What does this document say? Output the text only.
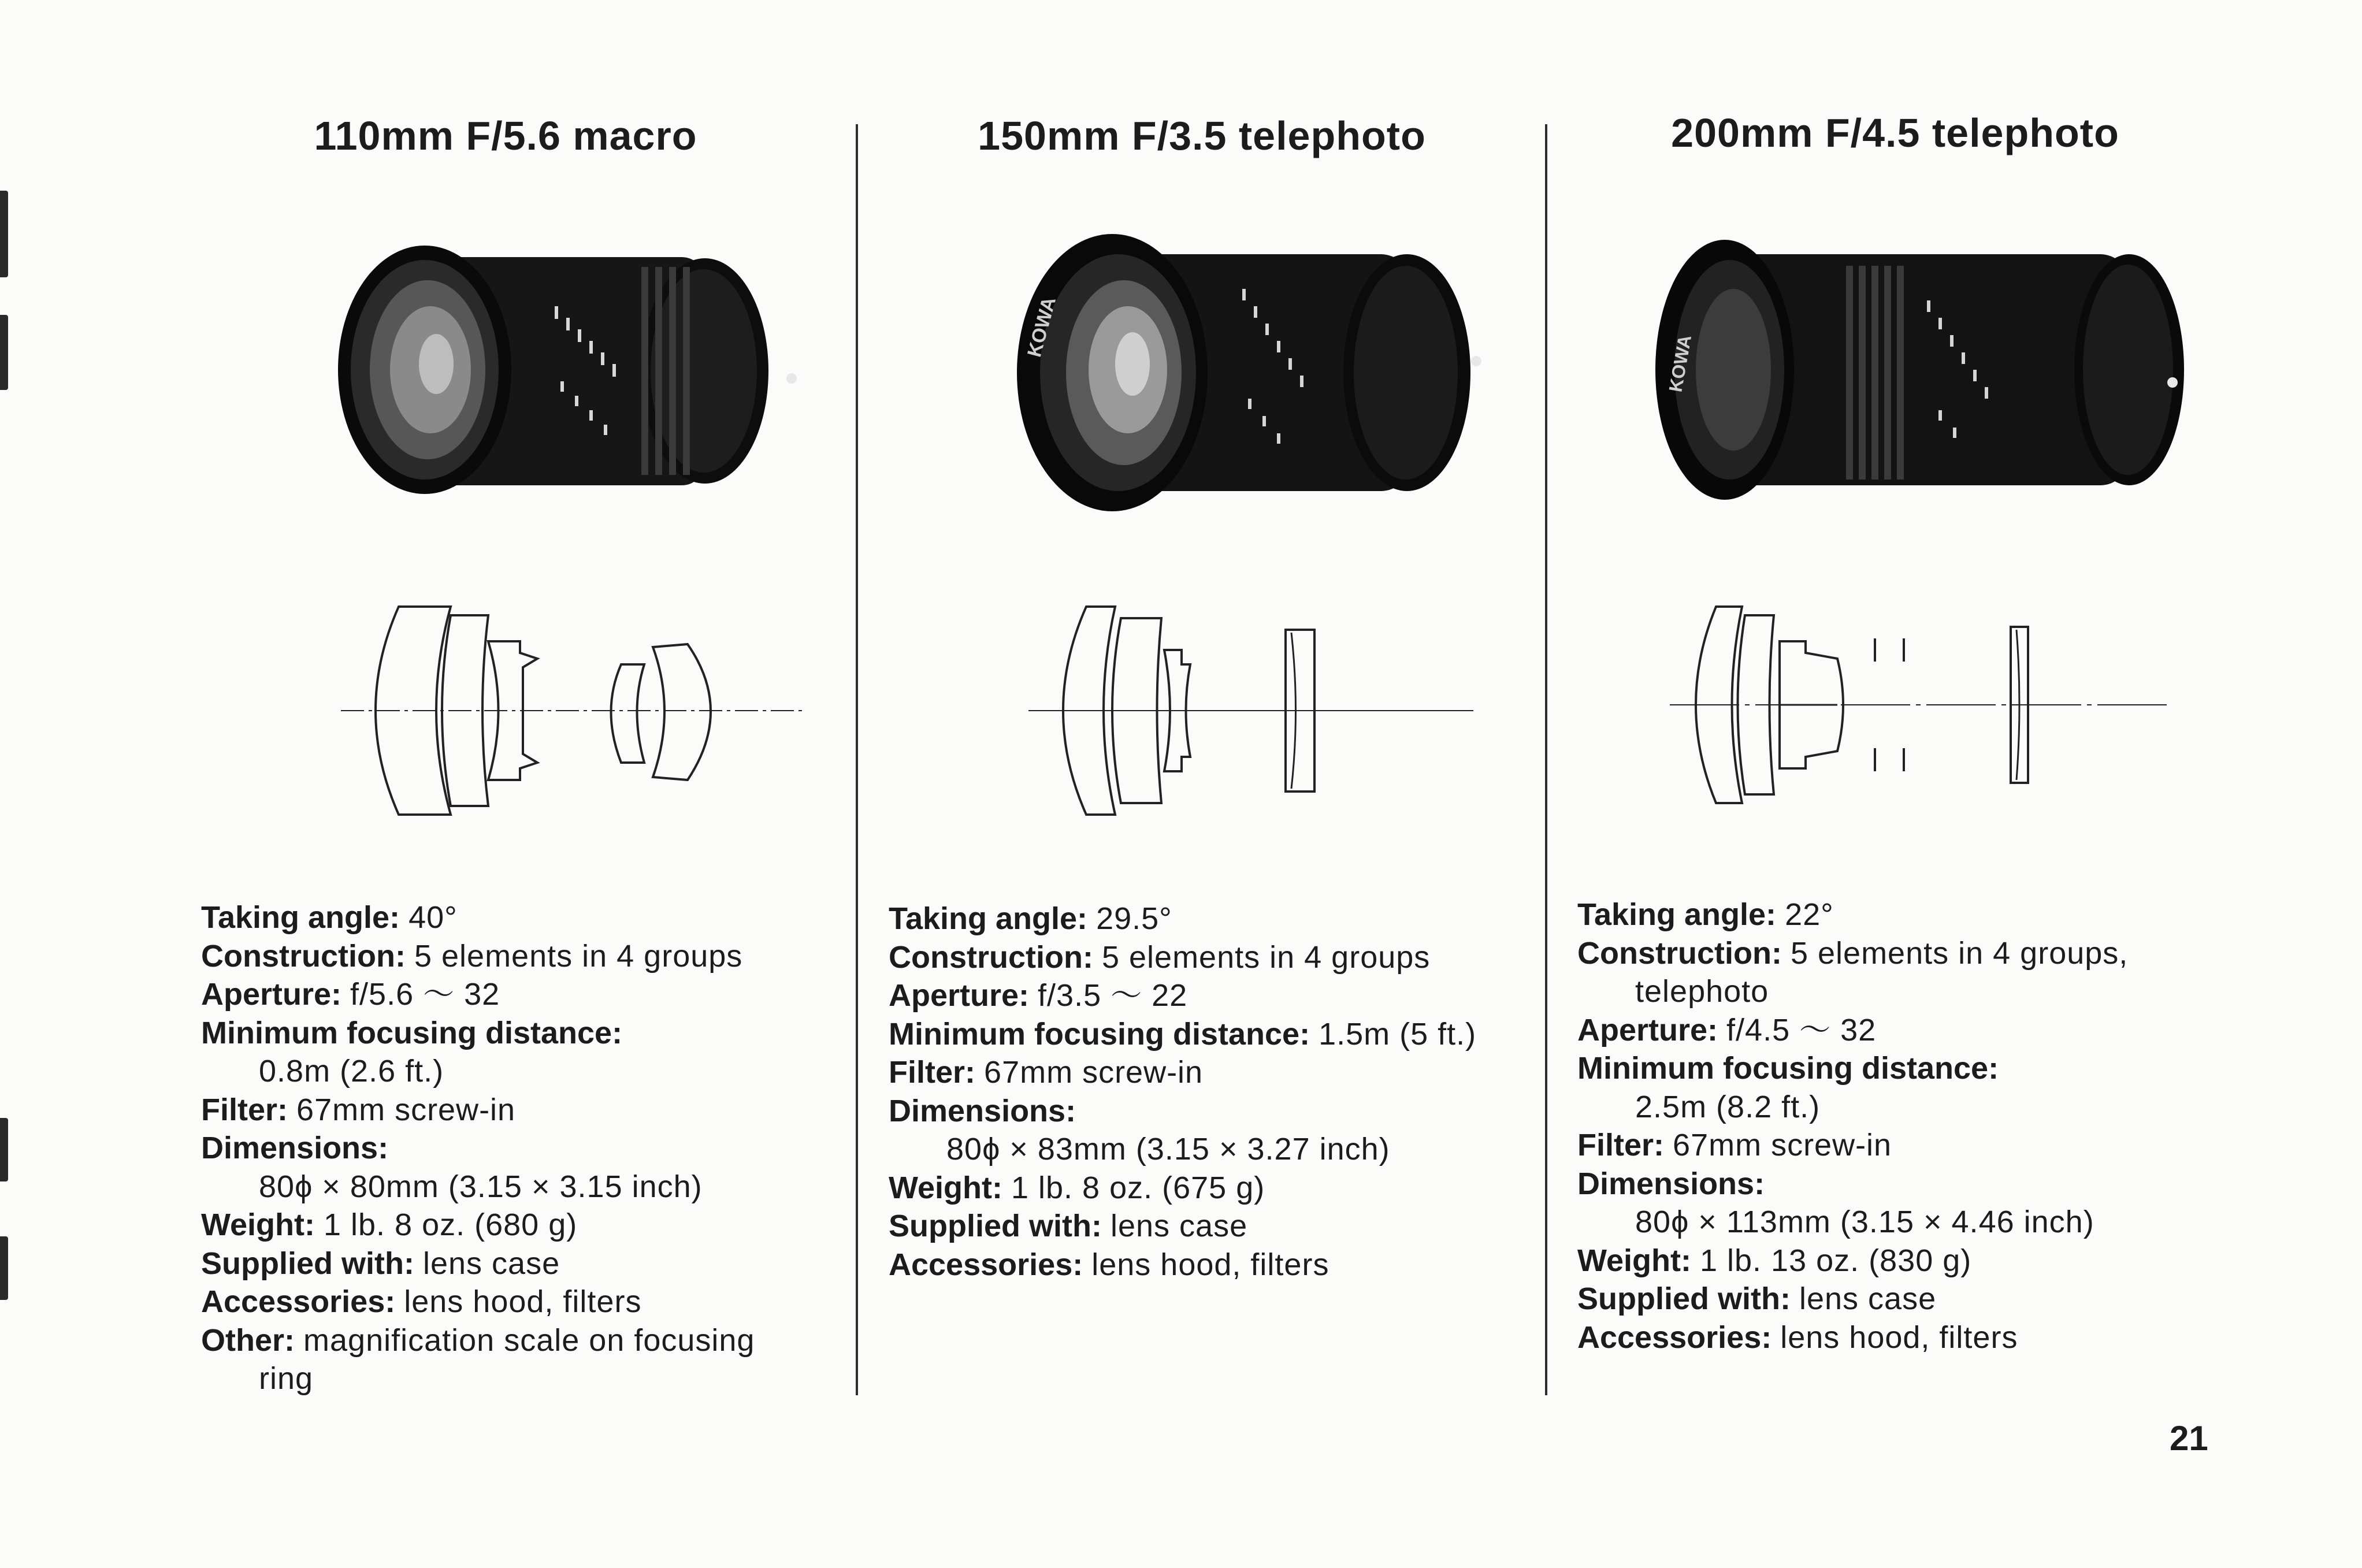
110mm F/5.6 macro
Taking angle: 40°
Construction: 5 elements in 4 groups
Aperture: f/5.6 ～ 32
Minimum focusing distance:
0.8m (2.6 ft.)
Filter: 67mm screw-in
Dimensions:
80ϕ × 80mm (3.15 × 3.15 inch)
Weight: 1 lb. 8 oz. (680 g)
Supplied with: lens case
Accessories: lens hood, filters
Other: magnification scale on focusing
ring
150mm F/3.5 telephoto
KOWA
Taking angle: 29.5°
Construction: 5 elements in 4 groups
Aperture: f/3.5 ～ 22
Minimum focusing distance: 1.5m (5 ft.)
Filter: 67mm screw-in
Dimensions:
80ϕ × 83mm (3.15 × 3.27 inch)
Weight: 1 lb. 8 oz. (675 g)
Supplied with: lens case
Accessories: lens hood, filters
200mm F/4.5 telephoto
KOWA
Taking angle: 22°
Construction: 5 elements in 4 groups,
telephoto
Aperture: f/4.5 ～ 32
Minimum focusing distance:
2.5m (8.2 ft.)
Filter: 67mm screw-in
Dimensions:
80ϕ × 113mm (3.15 × 4.46 inch)
Weight: 1 lb. 13 oz. (830 g)
Supplied with: lens case
Accessories: lens hood, filters
21
